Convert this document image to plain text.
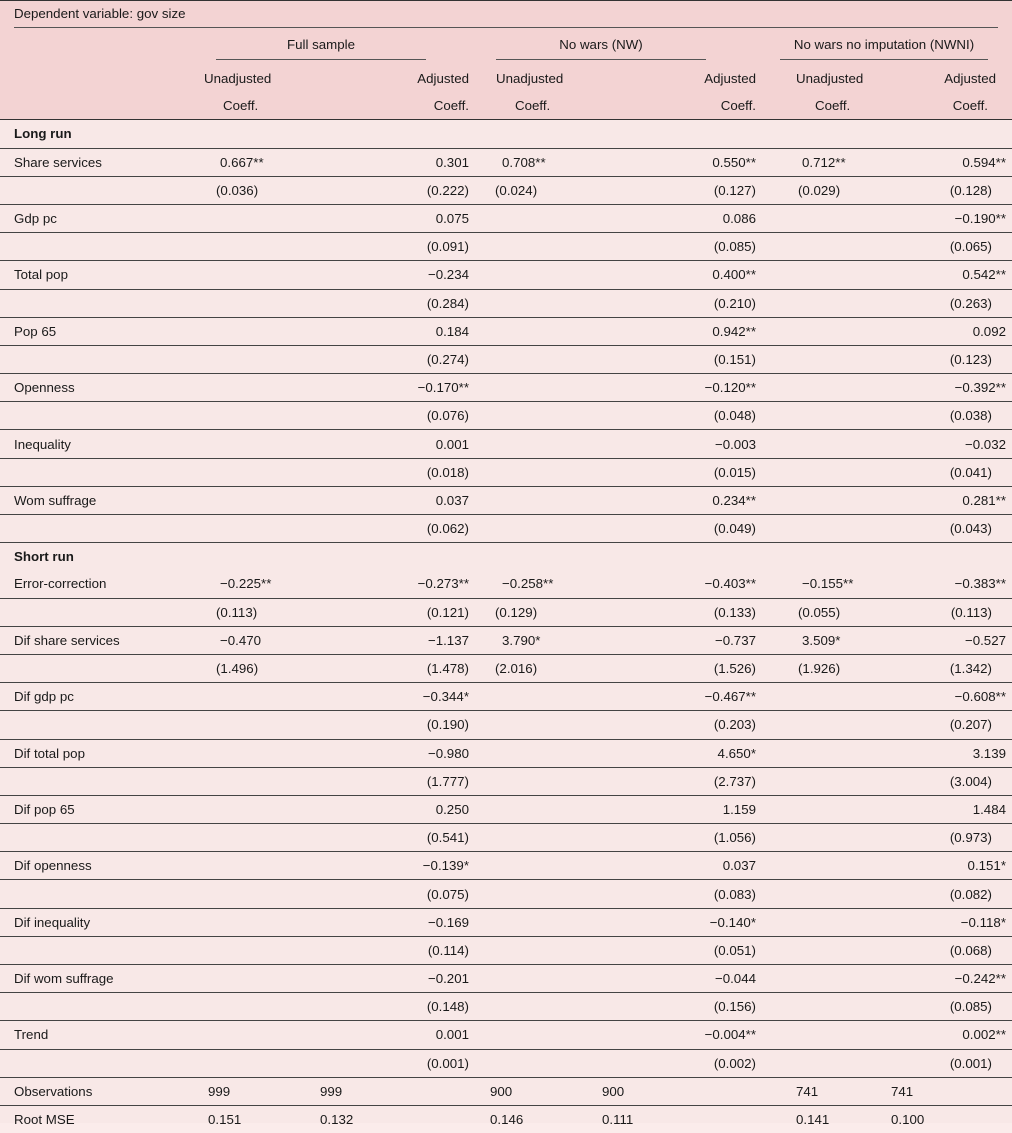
Dependent variable: gov size						

	Full sample		No wars (NW)		No wars no imputation (NWNI)	

	Unadjusted	Adjusted	Unadjusted	Adjusted	Unadjusted	Adjusted
	Coeff.	Coeff.	Coeff.	Coeff.	Coeff.	Coeff.
Long run						
Share services	0.667**	0.301	0.708**	0.550**	0.712**	0.594**
	(0.036)	(0.222)	(0.024)	(0.127)	(0.029)	(0.128)
Gdp pc		0.075		0.086		−0.190**
		(0.091)		(0.085)		(0.065)
Total pop		−0.234		0.400**		0.542**
		(0.284)		(0.210)		(0.263)
Pop 65		0.184		0.942**		0.092
		(0.274)		(0.151)		(0.123)
Openness		−0.170**		−0.120**		−0.392**
		(0.076)		(0.048)		(0.038)
Inequality		0.001		−0.003		−0.032
		(0.018)		(0.015)		(0.041)
Wom suffrage		0.037		0.234**		0.281**
		(0.062)		(0.049)		(0.043)
Short run						
Error-correction	−0.225**	−0.273**	−0.258**	−0.403**	−0.155**	−0.383**
	(0.113)	(0.121)	(0.129)	(0.133)	(0.055)	(0.113)
Dif share services	−0.470	−1.137	3.790*	−0.737	3.509*	−0.527
	(1.496)	(1.478)	(2.016)	(1.526)	(1.926)	(1.342)
Dif gdp pc		−0.344*		−0.467**		−0.608**
		(0.190)		(0.203)		(0.207)
Dif total pop		−0.980		4.650*		3.139
		(1.777)		(2.737)		(3.004)
Dif pop 65		0.250		1.159		1.484
		(0.541)		(1.056)		(0.973)
Dif openness		−0.139*		0.037		0.151*
		(0.075)		(0.083)		(0.082)
Dif inequality		−0.169		−0.140*		−0.118*
		(0.114)		(0.051)		(0.068)
Dif wom suffrage		−0.201		−0.044		−0.242**
		(0.148)		(0.156)		(0.085)
Trend		0.001		−0.004**		0.002**
		(0.001)		(0.002)		(0.001)
Observations	999	999	900	900	741	741
Root MSE	0.151	0.132	0.146	0.111	0.141	0.100
